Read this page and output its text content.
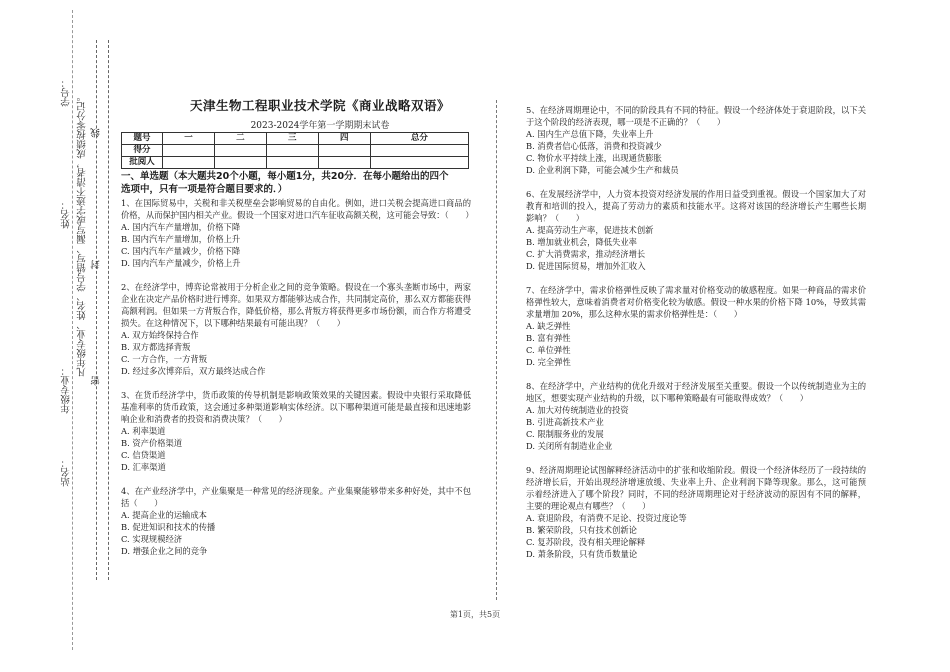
学号：
姓名： 凡年级专业、姓名、学号错写、漏写或字迹不清者，成绩按零分记。 线
封
年级专业： 密
站名：
天津生物工程职业技术学院《商业战略双语》
2023-2024学年第一学期期末试卷
题号	一	二	三	四	总分
得分					
批阅人					
一、单选题（本大题共20个小题，每小题1分，共20分．在每小题给出的四个
选项中，只有一项是符合题目要求的．）
1、在国际贸易中，关税和非关税壁垒会影响贸易的自由化。例如，进口关税会提高进口商品的价格，从而保护国内相关产业。假设一个国家对进口汽车征收高额关税，这可能会导致：（　　）
A. 国内汽车产量增加，价格下降
B. 国内汽车产量增加，价格上升
C. 国内汽车产量减少，价格下降
D. 国内汽车产量减少，价格上升
2、在经济学中，博弈论常被用于分析企业之间的竞争策略。假设在一个寡头垄断市场中，两家企业在决定产品价格时进行博弈。如果双方都能够达成合作，共同制定高价，那么双方都能获得高额利润。但如果一方背叛合作，降低价格，那么背叛方将获得更多市场份额，而合作方将遭受损失。在这种情况下，以下哪种结果最有可能出现？（　　）
A. 双方始终保持合作
B. 双方都选择背叛
C. 一方合作，一方背叛
D. 经过多次博弈后，双方最终达成合作
3、在货币经济学中，货币政策的传导机制是影响政策效果的关键因素。假设中央银行采取降低基准利率的货币政策，这会通过多种渠道影响实体经济。以下哪种渠道可能是最直接和迅速地影响企业和消费者的投资和消费决策？（　　）
A. 利率渠道
B. 资产价格渠道
C. 信贷渠道
D. 汇率渠道
4、在产业经济学中，产业集聚是一种常见的经济现象。产业集聚能够带来多种好处，其中不包括（　　）
A. 提高企业的运输成本
B. 促进知识和技术的传播
C. 实现规模经济
D. 增强企业之间的竞争
5、在经济周期理论中，不同的阶段具有不同的特征。假设一个经济体处于衰退阶段，以下关于这个阶段的经济表现，哪一项是不正确的？（　　）
A. 国内生产总值下降，失业率上升
B. 消费者信心低落，消费和投资减少
C. 物价水平持续上涨，出现通货膨胀
D. 企业利润下降，可能会减少生产和裁员
6、在发展经济学中，人力资本投资对经济发展的作用日益受到重视。假设一个国家加大了对教育和培训的投入，提高了劳动力的素质和技能水平。这将对该国的经济增长产生哪些长期影响？（　　）
A. 提高劳动生产率，促进技术创新
B. 增加就业机会，降低失业率
C. 扩大消费需求，推动经济增长
D. 促进国际贸易，增加外汇收入
7、在经济学中，需求价格弹性反映了需求量对价格变动的敏感程度。如果一种商品的需求价格弹性较大，意味着消费者对价格变化较为敏感。假设一种水果的价格下降 10%，导致其需求量增加 20%，那么这种水果的需求价格弹性是：（　　）
A. 缺乏弹性
B. 富有弹性
C. 单位弹性
D. 完全弹性
8、在经济学中，产业结构的优化升级对于经济发展至关重要。假设一个以传统制造业为主的地区，想要实现产业结构的升级，以下哪种策略最有可能取得成效？（　　）
A. 加大对传统制造业的投资
B. 引进高新技术产业
C. 限制服务业的发展
D. 关闭所有制造业企业
9、经济周期理论试图解释经济活动中的扩张和收缩阶段。假设一个经济体经历了一段持续的经济增长后，开始出现经济增速放缓、失业率上升、企业利润下降等现象。那么，这可能预示着经济进入了哪个阶段？同时，不同的经济周期理论对于经济波动的原因有不同的解释，主要的理论观点有哪些？（　　）
A. 衰退阶段，有消费不足论、投资过度论等
B. 繁荣阶段，只有技术创新论
C. 复苏阶段，没有相关理论解释
D. 萧条阶段，只有货币数量论
第1页，共5页
